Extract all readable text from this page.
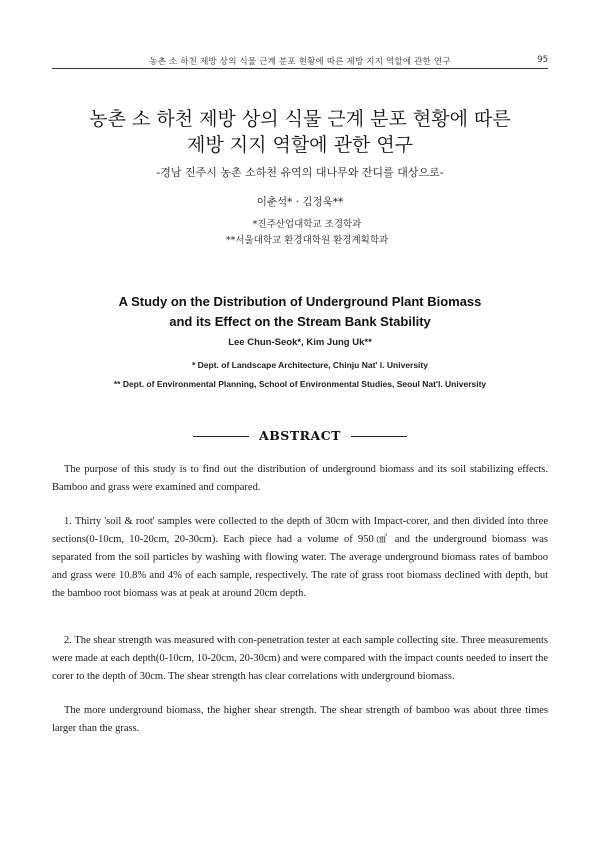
농촌 소 하천 제방 상의 식물 근계 분포 현황에 따른 제방 지지 역할에 관한 연구	95
농촌 소 하천 제방 상의 식물 근계 분포 현황에 따른
제방 지지 역할에 관한 연구
-경남 진주시 농촌 소하천 유역의 대나무와 잔디를 대상으로-
이춘석* · 김정욱**
*진주산업대학교 조경학과
**서울대학교 환경대학원 환경계획학과
A Study on the Distribution of Underground Plant Biomass
and its Effect on the Stream Bank Stability
Lee Chun-Seok*, Kim Jung Uk**
* Dept. of Landscape Architecture, Chinju Nat' l. University
** Dept. of Environmental Planning, School of Environmental Studies, Seoul Nat'l. University
ABSTRACT

The purpose of this study is to find out the distribution of underground biomass and its soil stabilizing effects. Bamboo and grass were examined and compared.

1. Thirty 'soil & root' samples were collected to the depth of 30cm with Impact-corer, and then divided into three sections(0-10cm, 10-20cm, 20-30cm). Each piece had a volume of 950㎤ and the underground biomass was separated from the soil particles by washing with flowing water. The average underground biomass rates of bamboo and grass were 10.8% and 4% of each sample, respectively. The rate of grass root biomass declined with depth, but the bamboo root biomass was at peak at around 20cm depth.

2. The shear strength was measured with con-penetration tester at each sample collecting site. Three measurements were made at each depth(0-10cm, 10-20cm, 20-30cm) and were compared with the impact counts needed to insert the corer to the depth of 30cm. The shear strength has clear correlations with underground biomass.

The more underground biomass, the higher shear strength. The shear strength of bamboo was about three times larger than the grass.
